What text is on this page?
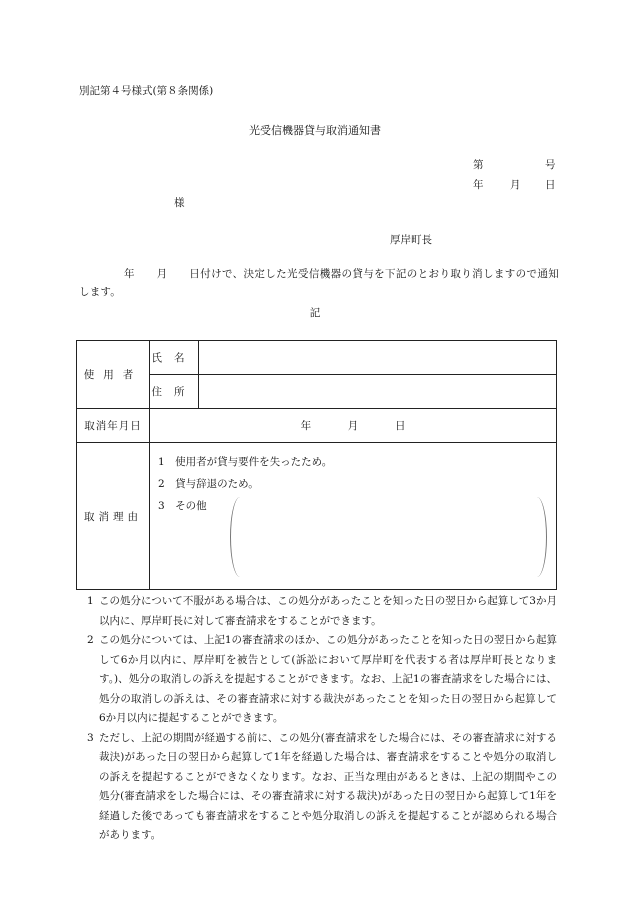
別記第４号様式(第８条関係)
光受信機器貸与取消通知書
第	号
年	月 日
様
厚岸町長
年　　月　　日付けで、決定した光受信機器の貸与を下記のとおり取り消しますので通知します。
記
使用者	氏名	
	住所	
取消年月日	年 月 日	
取消理由	1　使用者が貸与要件を失ったため。
2　貸与辞退のため。
3　その他	
1 この処分について不服がある場合は、この処分があったことを知った日の翌日から起算して3か月以内に、厚岸町長に対して審査請求をすることができます。
2 この処分については、上記1の審査請求のほか、この処分があったことを知った日の翌日から起算して6か月以内に、厚岸町を被告として(訴訟において厚岸町を代表する者は厚岸町長となります。)、処分の取消しの訴えを提起することができます。なお、上記1の審査請求をした場合には、処分の取消しの訴えは、その審査請求に対する裁決があったことを知った日の翌日から起算して6か月以内に提起することができます。
3 ただし、上記の期間が経過する前に、この処分(審査請求をした場合には、その審査請求に対する裁決)があった日の翌日から起算して1年を経過した場合は、審査請求をすることや処分の取消しの訴えを提起することができなくなります。なお、正当な理由があるときは、上記の期間やこの処分(審査請求をした場合には、その審査請求に対する裁決)があった日の翌日から起算して1年を経過した後であっても審査請求をすることや処分取消しの訴えを提起することが認められる場合があります。
